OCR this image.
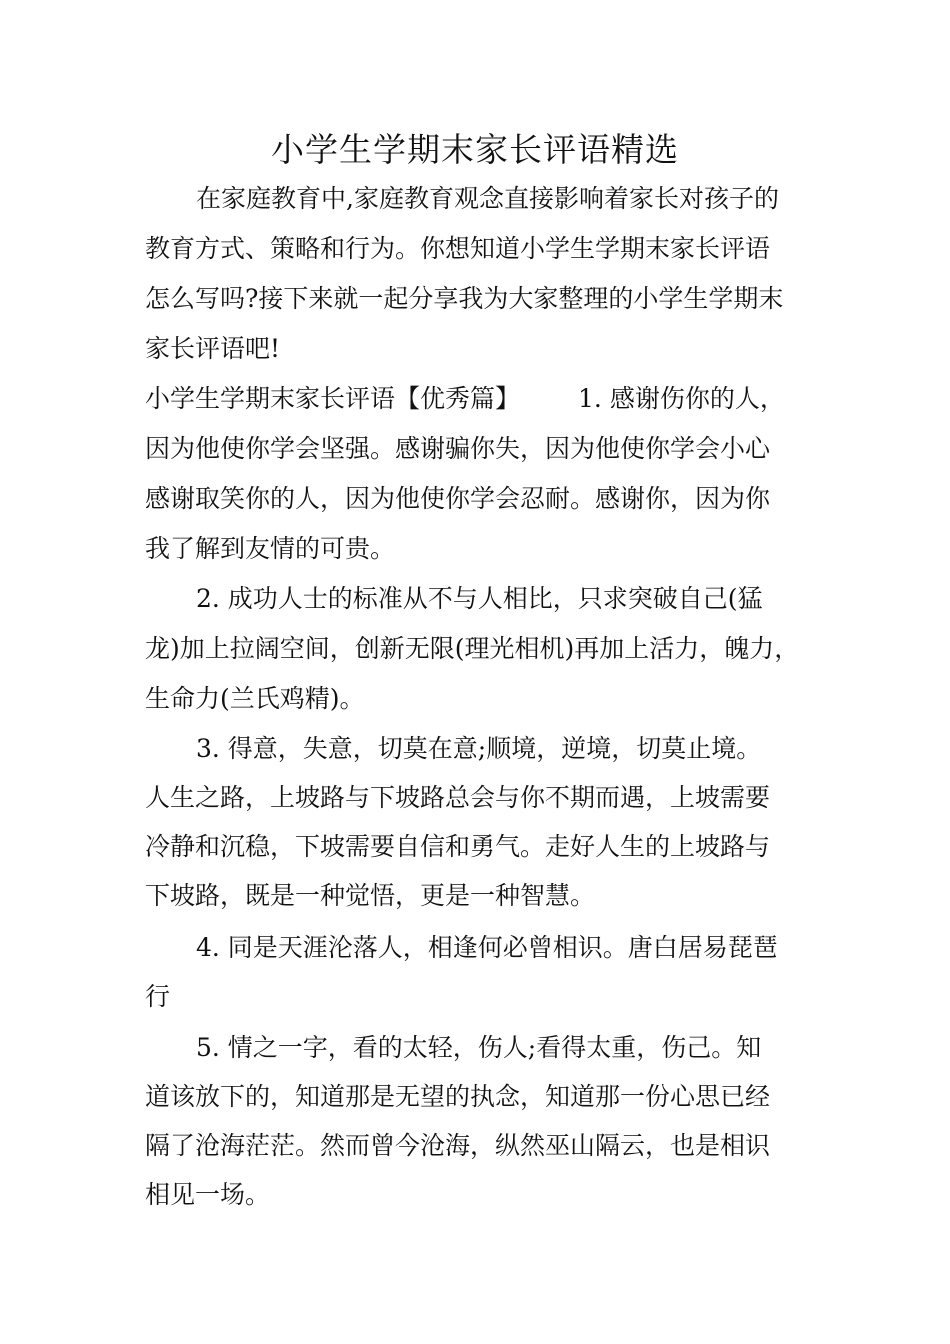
小学生学期末家长评语精选
在家庭教育中,家庭教育观念直接影响着家长对孩子的
教育方式、策略和行为。你想知道小学生学期末家长评语
怎么写吗?接下来就一起分享我为大家整理的小学生学期末
家长评语吧!
小学生学期末家长评语【优秀篇】 1. 感谢伤你的人，
因为他使你学会坚强。感谢骗你失，因为他使你学会小心
感谢取笑你的人，因为他使你学会忍耐。感谢你，因为你
我了解到友情的可贵。
2. 成功人士的标准从不与人相比，只求突破自己(猛
龙)加上拉阔空间，创新无限(理光相机)再加上活力，魄力，
生命力(兰氏鸡精)。
3. 得意，失意，切莫在意;顺境，逆境，切莫止境。
人生之路，上坡路与下坡路总会与你不期而遇，上坡需要
冷静和沉稳，下坡需要自信和勇气。走好人生的上坡路与
下坡路，既是一种觉悟，更是一种智慧。
4. 同是天涯沦落人，相逢何必曾相识。唐白居易琵琶
行
5. 情之一字，看的太轻，伤人;看得太重，伤己。知
道该放下的，知道那是无望的执念，知道那一份心思已经
隔了沧海茫茫。然而曾今沧海，纵然巫山隔云，也是相识
相见一场。
